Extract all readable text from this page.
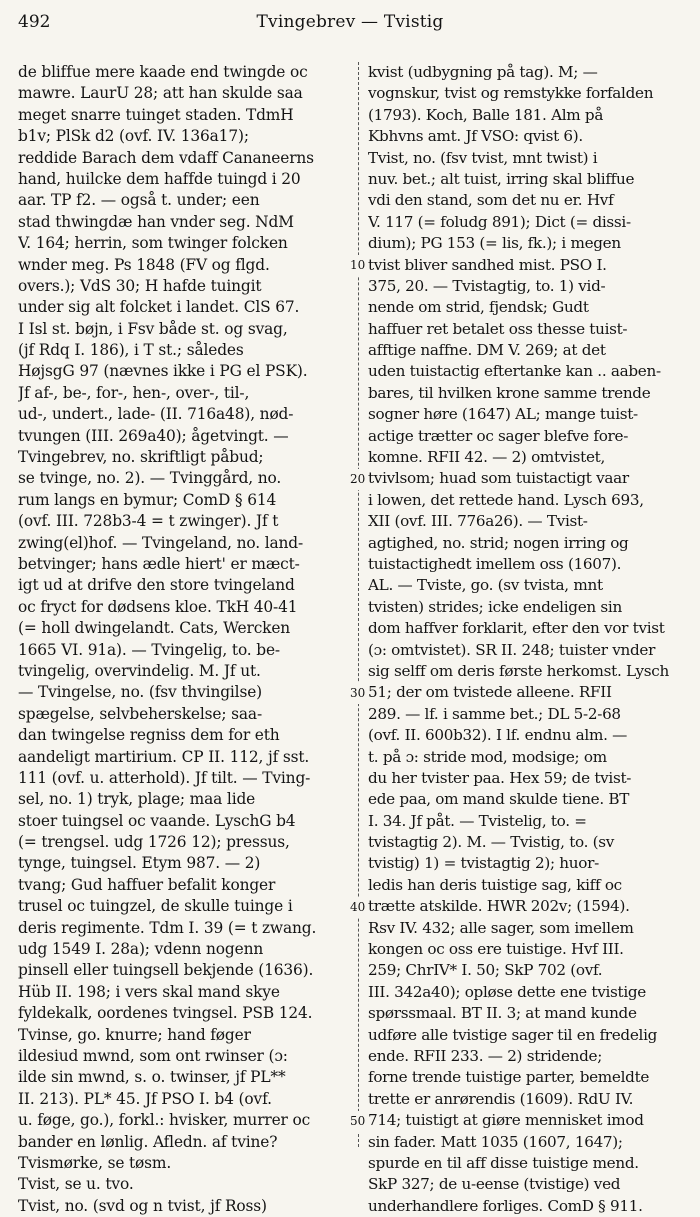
492	Tvingebrev — Tvistig
de bliffue mere kaade end twingde oc
mawre. LaurU 28; att han skulde saa
meget snarre tuinget staden. TdmH
b1v; PlSk d2 (ovf. IV. 136a17);
reddide Barach dem vdaff Cananeerns
hand, huilcke dem haffde tuingd i 20
aar. TP f2. — også t. under; een
stad thwingdæ han vnder seg. NdM
V. 164; herrin, som twinger folcken
wnder meg. Ps 1848 (FV og flgd.
overs.); VdS 30; H hafde tuingit
under sig alt folcket i landet. ClS 67.
I Isl st. bøjn, i Fsv både st. og svag,
(jf Rdq I. 186), i T st.; således
HøjsgG 97 (nævnes ikke i PG el PSK).
Jf af-, be-, for-, hen-, over-, til-,
ud-, undert., lade- (II. 716a48), nød-
tvungen (III. 269a40); ågetvingt. —
Tvingebrev, no. skriftligt påbud;
se tvinge, no. 2). — Tvinggård, no.
rum langs en bymur; ComD § 614
(ovf. III. 728b3-4 = t zwinger). Jf t
zwing(el)hof. — Tvingeland, no. land-
betvinger; hans ædle hiert' er mæct-
igt ud at drifve den store tvingeland
oc fryct for dødsens kloe. TkH 40-41
(= holl dwingelandt. Cats, Wercken
1665 VI. 91a). — Tvingelig, to. be-
tvingelig, overvindelig. M. Jf ut.
— Tvingelse, no. (fsv thvingilse)
spægelse, selvbeherskelse; saa-
dan twingelse regniss dem for eth
aandeligt martirium. CP II. 112, jf sst.
111 (ovf. u. atterhold). Jf tilt. — Tving-
sel, no. 1) tryk, plage; maa lide
stoer tuingsel oc vaande. LyschG b4
(= trengsel. udg 1726 12); pressus,
tynge, tuingsel. Etym 987. — 2)
tvang; Gud haffuer befalit konger
trusel oc tuingzel, de skulle tuinge i
deris regimente. Tdm I. 39 (= t zwang.
udg 1549 I. 28a); vdenn nogenn
pinsell eller tuingsell bekjende (1636).
Hüb II. 198; i vers skal mand skye
fyldekalk, oordenes tvingsel. PSB 124.
Tvinse, go. knurre; hand føger
ildesiud mwnd, som ont rwinser (ɔ:
ilde sin mwnd, s. o. twinser, jf PL**
II. 213). PL* 45. Jf PSO I. b4 (ovf.
u. føge, go.), forkl.: hvisker, murrer oc
bander en lønlig. Afledn. af tvine?
Tvismørke, se tøsm.
Tvist, se u. tvo.
Tvist, no. (svd og n tvist, jf Ross)
10
20
30
40
50
kvist (udbygning på tag). M; —
vognskur, tvist og remstykke forfalden
(1793). Koch, Balle 181. Alm på
Kbhvns amt. Jf VSO: qvist 6).
Tvist, no. (fsv tvist, mnt twist) i
nuv. bet.; alt tuist, irring skal bliffue
vdi den stand, som det nu er. Hvf
V. 117 (= foludg 891); Dict (= dissi-
dium); PG 153 (= lis, fk.); i megen
tvist bliver sandhed mist. PSO I.
375, 20. — Tvistagtig, to. 1) vid-
nende om strid, fjendsk; Gudt
haffuer ret betalet oss thesse tuist-
afftige naffne. DM V. 269; at det
uden tuistactig eftertanke kan .. aaben-
bares, til hvilken krone samme trende
sogner høre (1647) AL; mange tuist-
actige trætter oc sager blefve fore-
komne. RFII 42. — 2) omtvistet,
tvivlsom; huad som tuistactigt vaar
i lowen, det rettede hand. Lysch 693,
XII (ovf. III. 776a26). — Tvist-
agtighed, no. strid; nogen irring og
tuistactighedt imellem oss (1607).
AL. — Tviste, go. (sv tvista, mnt
tvisten) strides; icke endeligen sin
dom haffver forklarit, efter den vor tvist
(ɔ: omtvistet). SR II. 248; tuister vnder
sig selff om deris første herkomst. Lysch
51; der om tvistede alleene. RFII
289. — lf. i samme bet.; DL 5-2-68
(ovf. II. 600b32). I lf. endnu alm. —
t. på ɔ: stride mod, modsige; om
du her tvister paa. Hex 59; de tvist-
ede paa, om mand skulde tiene. BT
I. 34. Jf påt. — Tvistelig, to. =
tvistagtig 2). M. — Tvistig, to. (sv
tvistig) 1) = tvistagtig 2); huor-
ledis han deris tuistige sag, kiff oc
trætte atskilde. HWR 202v; (1594).
Rsv IV. 432; alle sager, som imellem
kongen oc oss ere tuistige. Hvf III.
259; ChrIV* I. 50; SkP 702 (ovf.
III. 342a40); opløse dette ene tvistige
spørssmaal. BT II. 3; at mand kunde
udføre alle tvistige sager til en fredelig
ende. RFII 233. — 2) stridende;
forne trende tuistige parter, bemeldte
trette er anrørendis (1609). RdU IV.
714; tuistigt at giøre mennisket imod
sin fader. Matt 1035 (1607, 1647);
spurde en til aff disse tuistige mend.
SkP 327; de u-eense (tvistige) ved
underhandlere forliges. ComD § 911.
